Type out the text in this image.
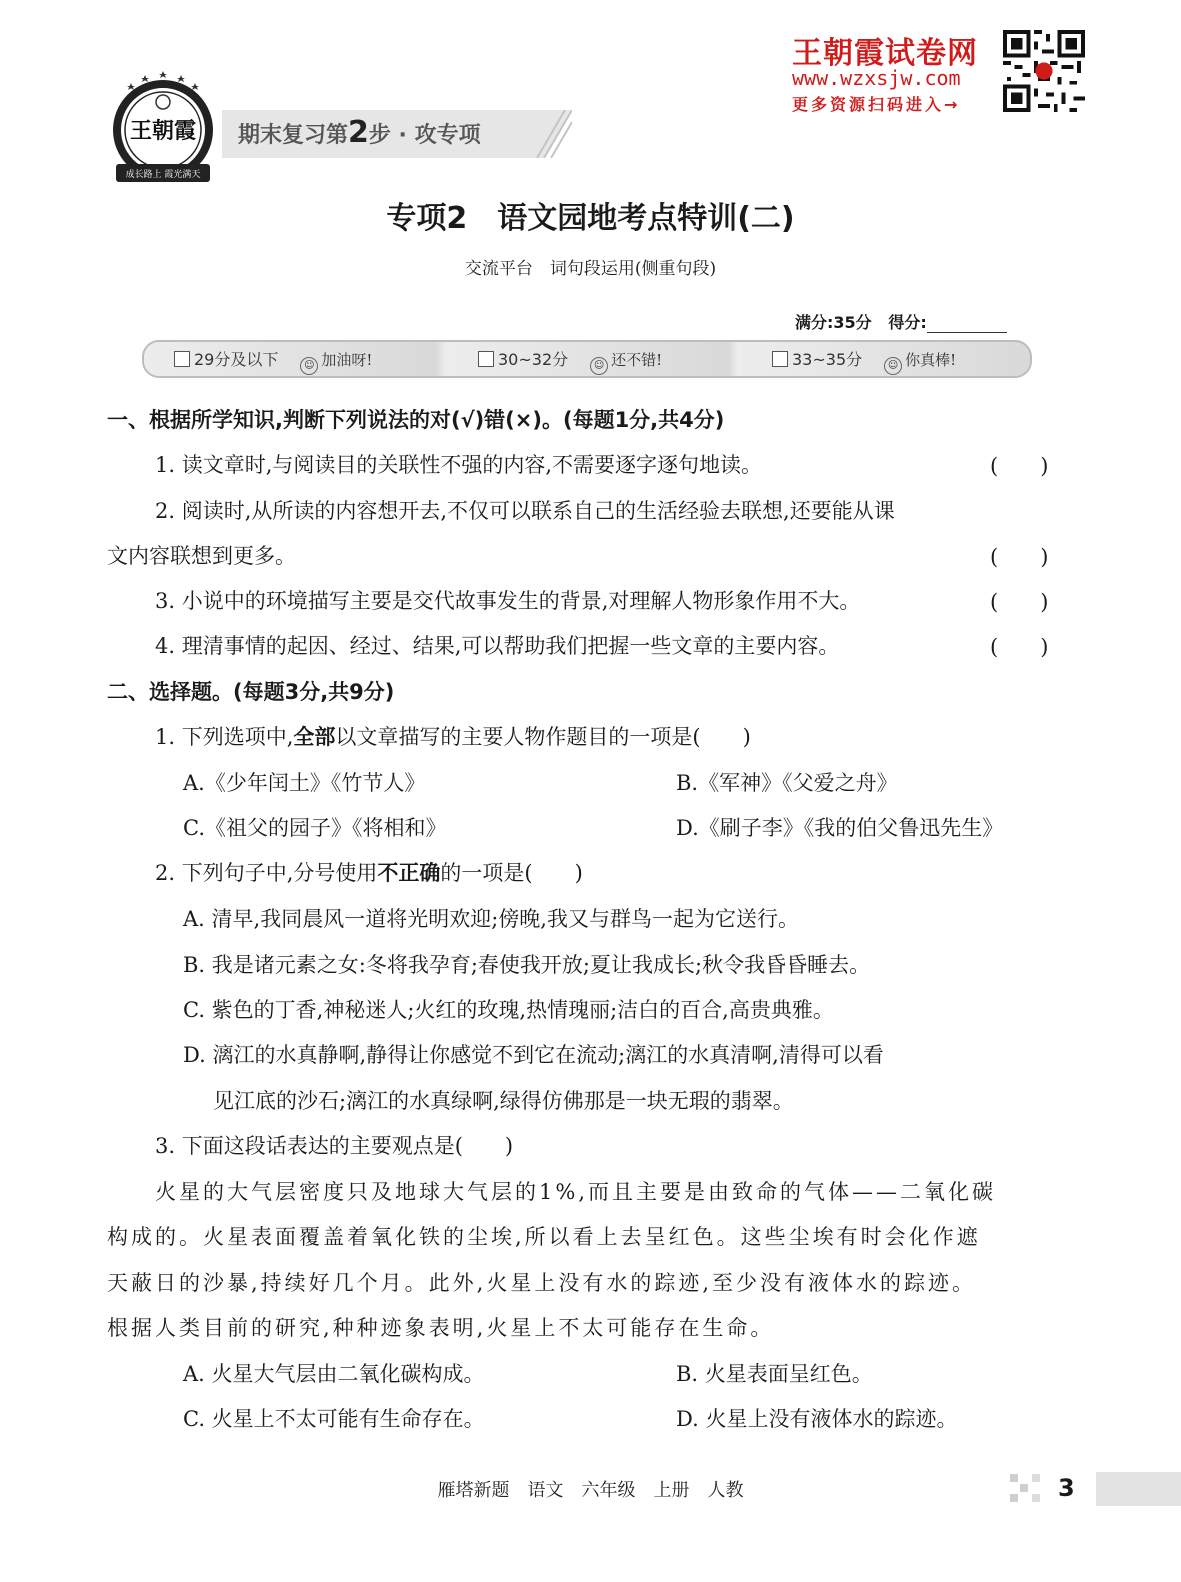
王朝霞
成长路上 霞光满天
期末复习第2步 · 攻专项
王朝霞试卷网
www.wzxsjw.com
更多资源扫码进入→
专项2　语文园地考点特训(二)
交流平台　词句段运用(侧重句段)
满分:35分 得分:
29分及以下	☺ 加油呀!	30~32分	☺ 还不错!	33~35分	☺ 你真棒!
一、根据所学知识,判断下列说法的对(√)错(×)。(每题1分,共4分)
1. 读文章时,与阅读目的关联性不强的内容,不需要逐字逐句地读。	(　　)
2. 阅读时,从所读的内容想开去,不仅可以联系自己的生活经验去联想,还要能从课
文内容联想到更多。	(　　)
3. 小说中的环境描写主要是交代故事发生的背景,对理解人物形象作用不大。	(　　)
4. 理清事情的起因、经过、结果,可以帮助我们把握一些文章的主要内容。	(　　)
二、选择题。(每题3分,共9分)
1. 下列选项中,全部以文章描写的主要人物作题目的一项是(　　)
A.《少年闰土》《竹节人》	B.《军神》《父爱之舟》
C.《祖父的园子》《将相和》	D.《刷子李》《我的伯父鲁迅先生》
2. 下列句子中,分号使用不正确的一项是(　　)
A. 清早,我同晨风一道将光明欢迎;傍晚,我又与群鸟一起为它送行。
B. 我是诸元素之女:冬将我孕育;春使我开放;夏让我成长;秋令我昏昏睡去。
C. 紫色的丁香,神秘迷人;火红的玫瑰,热情瑰丽;洁白的百合,高贵典雅。
D. 漓江的水真静啊,静得让你感觉不到它在流动;漓江的水真清啊,清得可以看
见江底的沙石;漓江的水真绿啊,绿得仿佛那是一块无瑕的翡翠。
3. 下面这段话表达的主要观点是(　　)
火星的大气层密度只及地球大气层的1%,而且主要是由致命的气体——二氧化碳
构成的。火星表面覆盖着氧化铁的尘埃,所以看上去呈红色。这些尘埃有时会化作遮
天蔽日的沙暴,持续好几个月。此外,火星上没有水的踪迹,至少没有液体水的踪迹。
根据人类目前的研究,种种迹象表明,火星上不太可能存在生命。
A. 火星大气层由二氧化碳构成。	B. 火星表面呈红色。
C. 火星上不太可能有生命存在。	D. 火星上没有液体水的踪迹。
雁塔新题　语文　六年级　上册　人教	3
